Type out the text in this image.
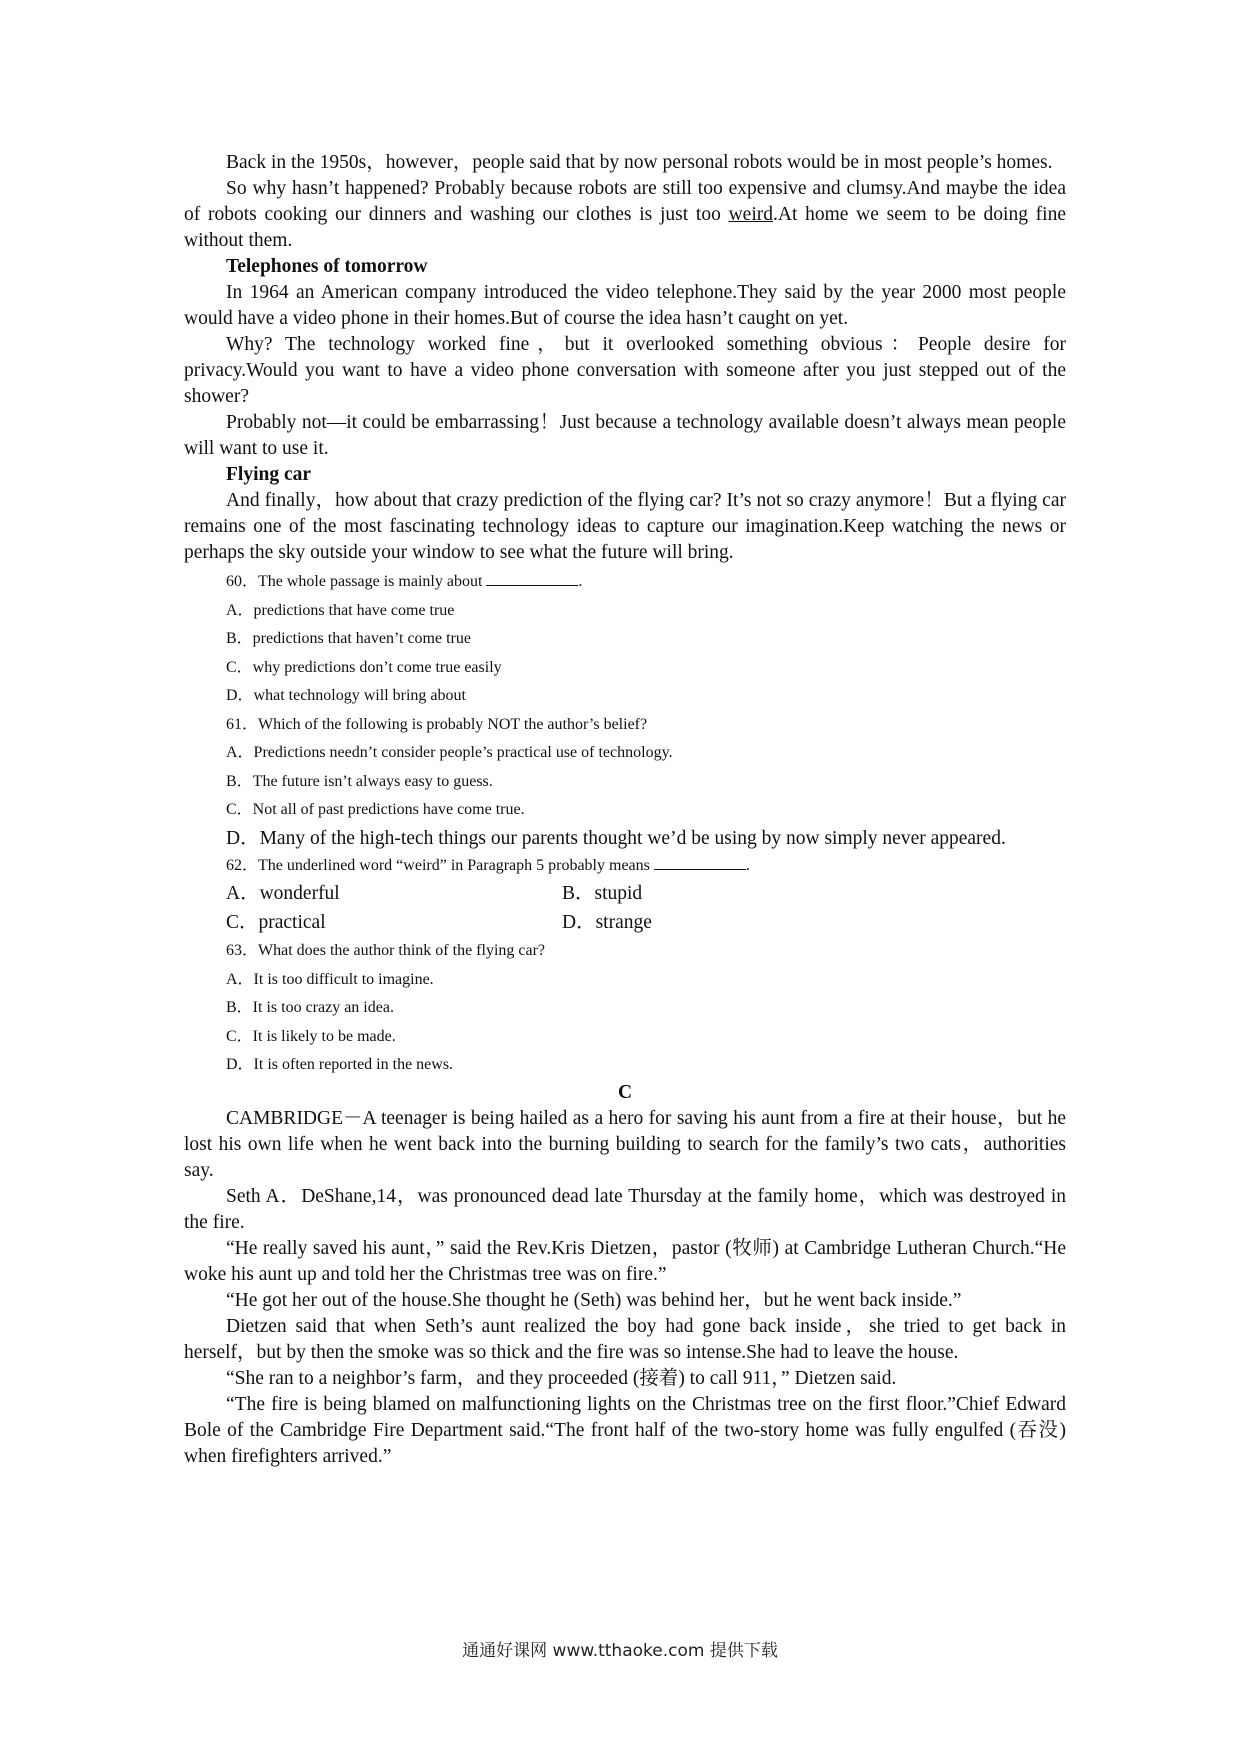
Back in the 1950s，however，people said that by now personal robots would be in most people’s homes.

So why hasn’t happened? Probably because robots are still too expensive and clumsy.And maybe the idea of robots cooking our dinners and washing our clothes is just too weird.At home we seem to be doing fine without them.

Telephones of tomorrow

In 1964 an American company introduced the video telephone.They said by the year 2000 most people would have a video phone in their homes.But of course the idea hasn’t caught on yet.

Why? The technology worked fine，but it overlooked something obvious：People desire for privacy.Would you want to have a video phone conversation with someone after you just stepped out of the shower?

Probably not—it could be embarrassing！Just because a technology available doesn’t always mean people will want to use it.

Flying car

And finally，how about that crazy prediction of the flying car? It’s not so crazy anymore！But a flying car remains one of the most fascinating technology ideas to capture our imagination.Keep watching the news or perhaps the sky outside your window to see what the future will bring.

60．The whole passage is mainly about	.
A．predictions that have come true
B．predictions that haven’t come true
C．why predictions don’t come true easily
D．what technology will bring about
61．Which of the following is probably NOT the author’s belief?
A．Predictions needn’t consider people’s practical use of technology.
B．The future isn’t always easy to guess.
C．Not all of past predictions have come true.

D．Many of the high-tech things our parents thought we’d be using by now simply never appeared.

62．The underlined word “weird” in Paragraph 5 probably means	.
A．wonderful	B．stupid
C．practical	D．strange
63．What does the author think of the flying car?
A．It is too difficult to imagine.
B．It is too crazy an idea.
C．It is likely to be made.
D．It is often reported in the news.

C

CAMBRIDGE－A teenager is being hailed as a hero for saving his aunt from a fire at their house，but he lost his own life when he went back into the burning building to search for the family’s two cats，authorities say.

Seth A．DeShane,14，was pronounced dead late Thursday at the family home，which was destroyed in the fire.

“He really saved his aunt，” said the Rev.Kris Dietzen，pastor (牧师) at Cambridge Lutheran Church.“He woke his aunt up and told her the Christmas tree was on fire.”

“He got her out of the house.She thought he (Seth) was behind her，but he went back inside.”

Dietzen said that when Seth’s aunt realized the boy had gone back inside，she tried to get back in herself，but by then the smoke was so thick and the fire was so intense.She had to leave the house.

“She ran to a neighbor’s farm，and they proceeded (接着) to call 911，” Dietzen said.

“The fire is being blamed on malfunctioning lights on the Christmas tree on the first floor.”Chief Edward Bole of the Cambridge Fire Department said.“The front half of the two-story home was fully engulfed (吞没) when firefighters arrived.”

通通好课网 www.tthaoke.com 提供下载
